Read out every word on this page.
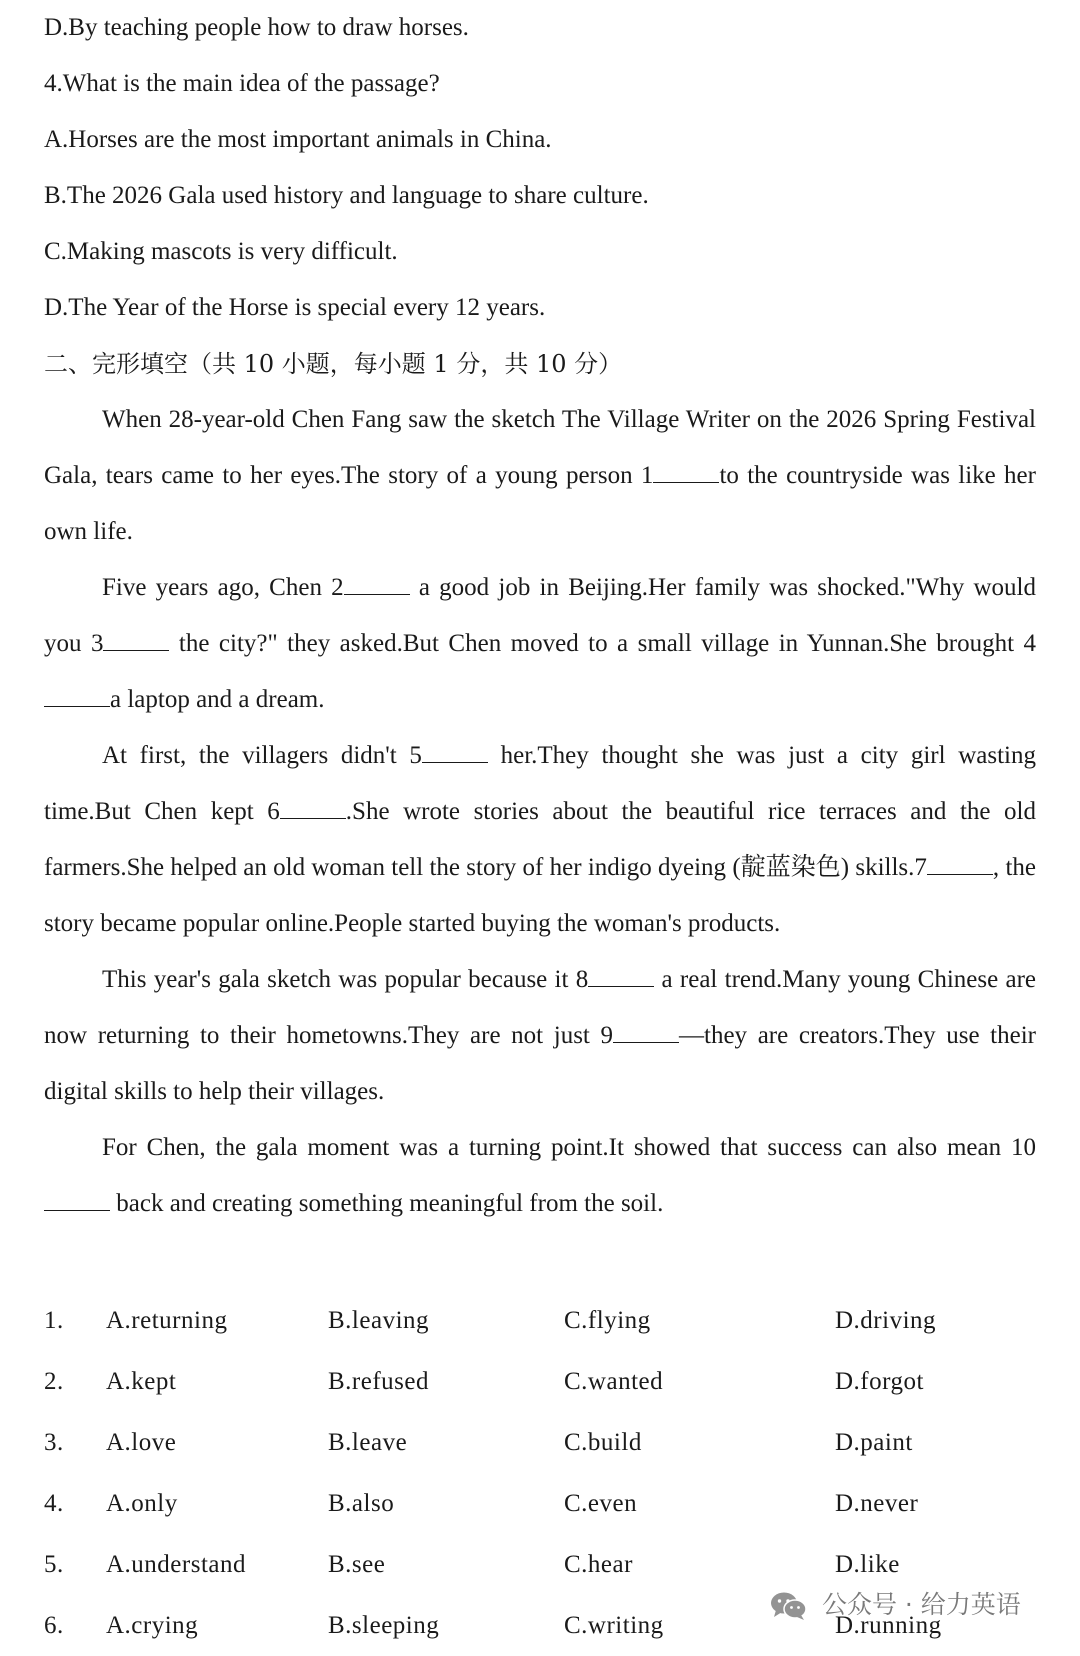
D.By teaching people how to draw horses.
4.What is the main idea of the passage?
A.Horses are the most important animals in China.
B.The 2026 Gala used history and language to share culture.
C.Making mascots is very difficult.
D.The Year of the Horse is special every 12 years.
二、完形填空（共 10 小题，每小题 1 分，共 10 分）

When 28-year-old Chen Fang saw the sketch The Village Writer on the 2026 Spring Festival Gala, tears came to her eyes.The story of a young person 1	to the countryside was like her own life.

Five years ago, Chen 2	a good job in Beijing.Her family was shocked."Why would you 3	the city?" they asked.But Chen moved to a small village in Yunnan.She brought 4a laptop and a dream.

At first, the villagers didn't 5	her.They thought she was just a city girl wasting time.But Chen kept 6	.She wrote stories about the beautiful rice terraces and the old farmers.She helped an old woman tell the story of her indigo dyeing (靛蓝染色) skills.7	, the story became popular online.People started buying the woman's products.

This year's gala sketch was popular because it 8	a real trend.Many young Chinese are now returning to their hometowns.They are not just 9	—they are creators.They use their digital skills to help their villages.

For Chen, the gala moment was a turning point.It showed that success can also mean 10 back and creating something meaningful from the soil.

1. A.returning	B.leaving	C.flying	D.driving
2. A.kept	B.refused	C.wanted	D.forgot
3. A.love	B.leave	C.build	D.paint
4. A.only	B.also	C.even	D.never
5. A.understand	B.see	C.hear	D.like
6. A.crying	B.sleeping	C.writing	D.running
公众号 · 给力英语
